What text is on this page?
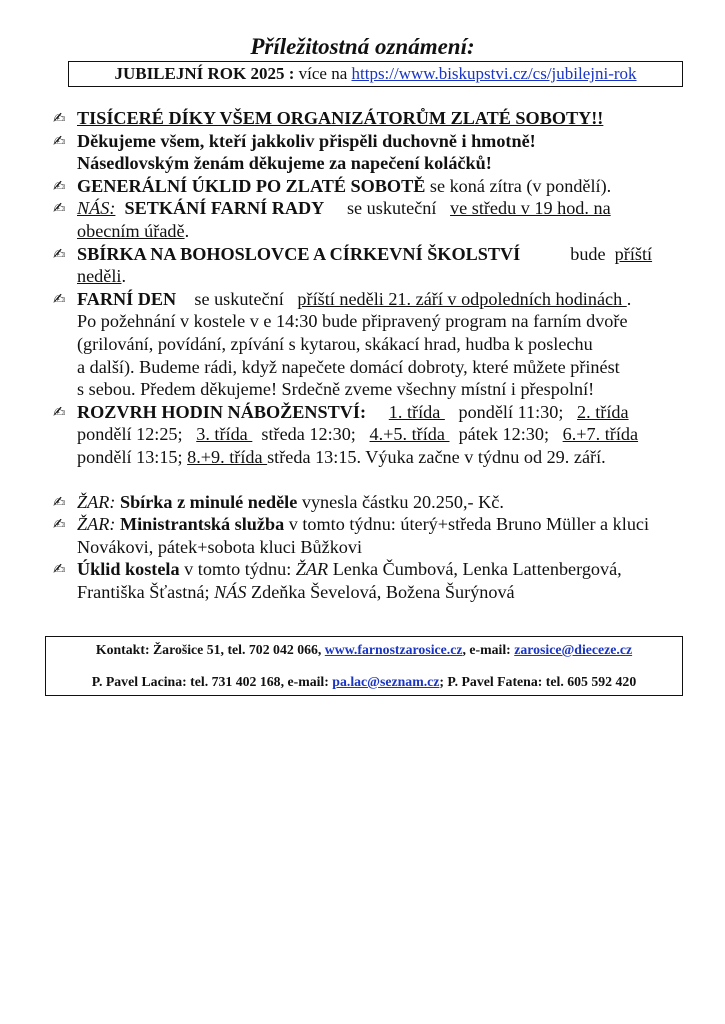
Příležitostná oznámení:
JUBILEJNÍ ROK 2025 : více na https://www.biskupstvi.cz/cs/jubilejni-rok
✍ TISÍCERÉ DÍKY VŠEM ORGANIZÁTORŮM ZLATÉ SOBOTY!!
✍ Děkujeme všem, kteří jakkoliv přispěli duchovně i hmotně!
Násedlovským ženám děkujeme za napečení koláčků!
✍ GENERÁLNÍ ÚKLID PO ZLATÉ SOBOTĚ se koná zítra (v pondělí).
✍ NÁS: SETKÁNÍ FARNÍ RADY se uskuteční ve středu v 19 hod. na
obecním úřadě.
✍ SBÍRKA NA BOHOSLOVCE A CÍRKEVNÍ ŠKOLSTVÍ	bude příští
neděli.
✍ FARNÍ DEN se uskuteční příští neděli 21. září v odpoledních hodinách .
Po požehnání v kostele v e 14:30 bude připravený program na farním dvoře
(grilování, povídání, zpívání s kytarou, skákací hrad, hudba k poslechu
a další). Budeme rádi, když napečete domácí dobroty, které můžete přinést
s sebou. Předem děkujeme! Srdečně zveme všechny místní i přespolní!
✍ ROZVRH HODIN NÁBOŽENSTVÍ: 1. třída    pondělí 11:30; 2. třída
pondělí 12:25; 3. třída   středa 12:30; 4.+5. třída   pátek 12:30; 6.+7. třída
pondělí 13:15; 8.+9. třída středa 13:15. Výuka začne v týdnu od 29. září.
✍ ŽAR: Sbírka z minulé neděle vynesla částku 20.250,- Kč.
✍ ŽAR: Ministrantská služba v tomto týdnu: úterý+středa Bruno Müller a kluci
Novákovi, pátek+sobota kluci Bůžkovi
✍ Úklid kostela v tomto týdnu: ŽAR Lenka Čumbová, Lenka Lattenbergová,
Františka Šťastná; NÁS Zdeňka Ševelová, Božena Šurýnová
Kontakt: Žarošice 51, tel. 702 042 066, www.farnostzarosice.cz, e-mail: zarosice@dieceze.cz
P. Pavel Lacina: tel. 731 402 168, e-mail: pa.lac@seznam.cz; P. Pavel Fatena: tel. 605 592 420
